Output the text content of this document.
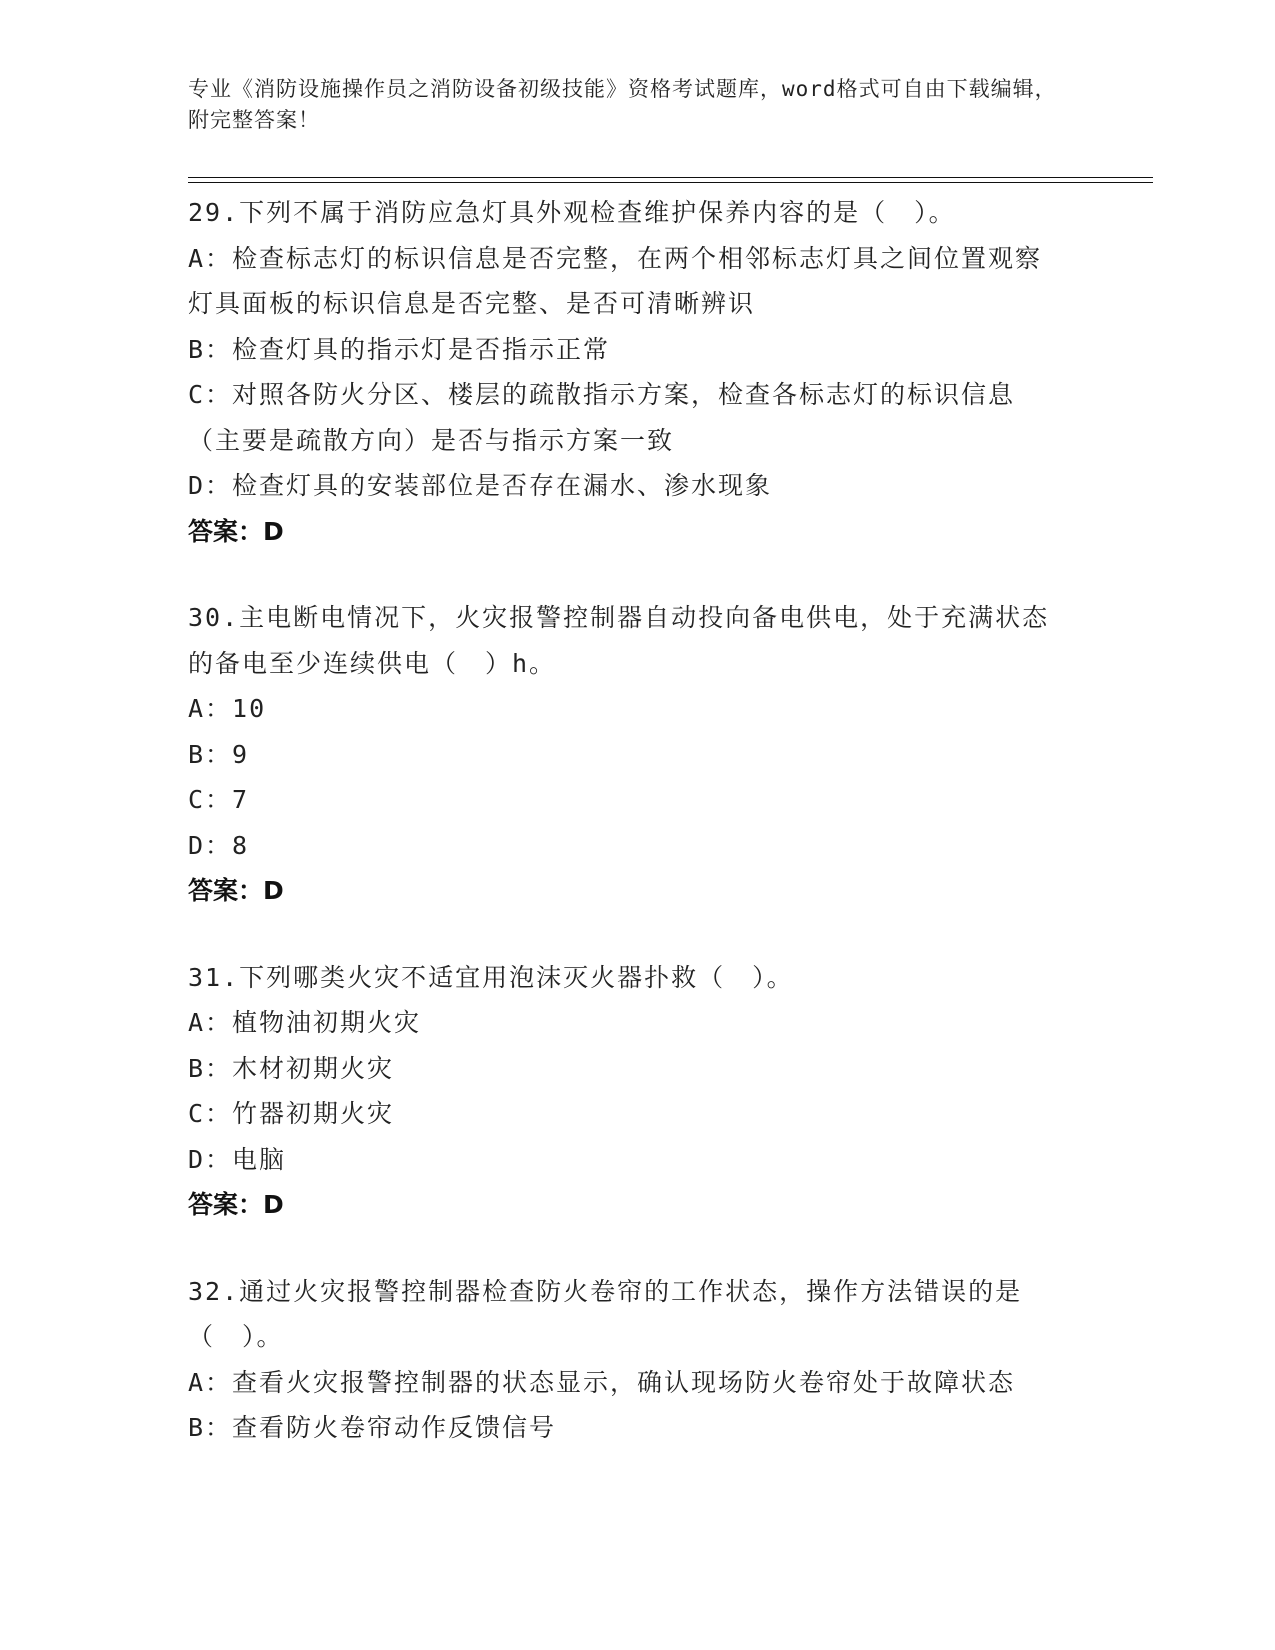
专业《消防设施操作员之消防设备初级技能》资格考试题库，word格式可自由下载编辑，附完整答案！
29.下列不属于消防应急灯具外观检查维护保养内容的是（　）。
A：检查标志灯的标识信息是否完整，在两个相邻标志灯具之间位置观察灯具面板的标识信息是否完整、是否可清晰辨识
B：检查灯具的指示灯是否指示正常
C：对照各防火分区、楼层的疏散指示方案，检查各标志灯的标识信息（主要是疏散方向）是否与指示方案一致
D：检查灯具的安装部位是否存在漏水、渗水现象
答案：D
30.主电断电情况下，火灾报警控制器自动投向备电供电，处于充满状态的备电至少连续供电（　）h。
A：10
B：9
C：7
D：8
答案：D
31.下列哪类火灾不适宜用泡沫灭火器扑救（　）。
A：植物油初期火灾
B：木材初期火灾
C：竹器初期火灾
D：电脑
答案：D
32.通过火灾报警控制器检查防火卷帘的工作状态，操作方法错误的是（　）。
A：查看火灾报警控制器的状态显示，确认现场防火卷帘处于故障状态
B：查看防火卷帘动作反馈信号
